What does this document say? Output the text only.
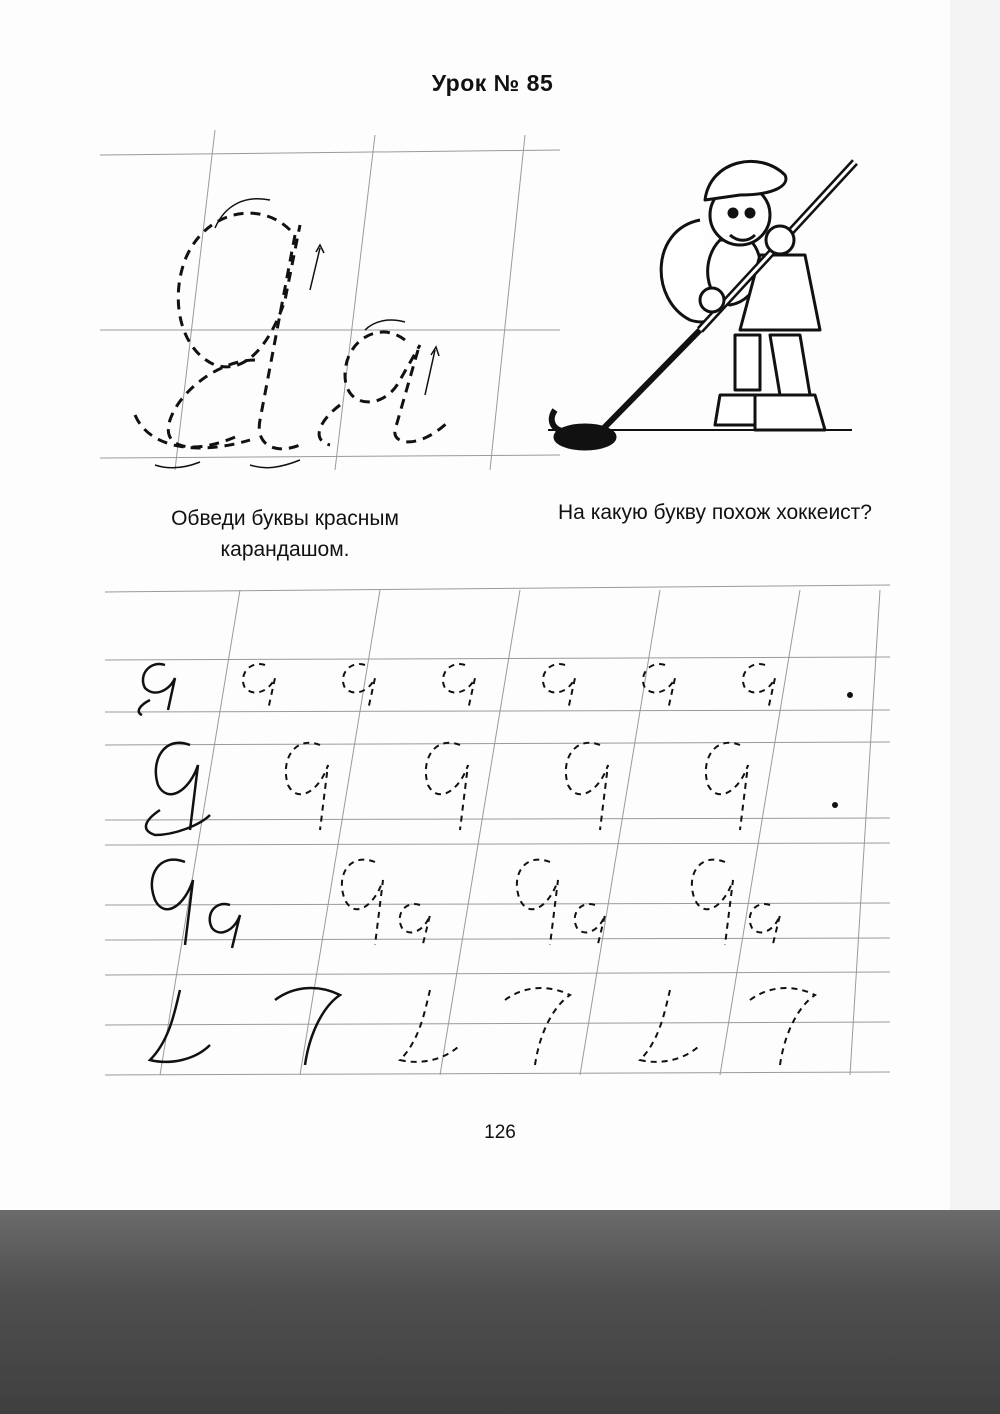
Урок № 85
Обведи буквы красным карандашом.
На какую букву похож хоккеист?
126
